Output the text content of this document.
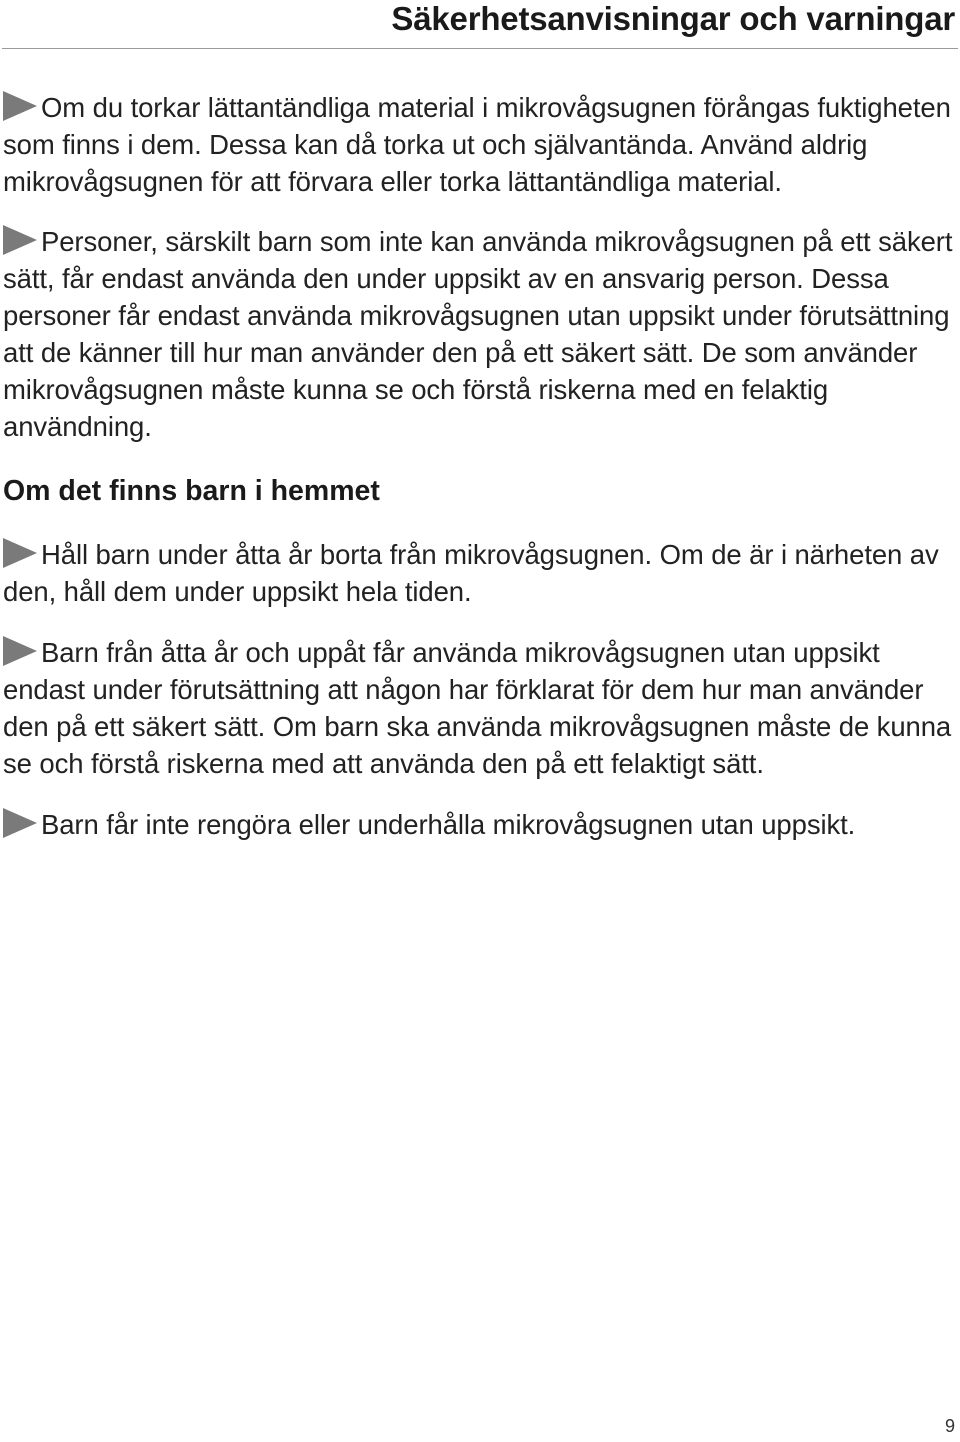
Säkerhetsanvisningar och varningar

Om du torkar lättantändliga material i mikrovågsugnen förångas fuktigheten som finns i dem. Dessa kan då torka ut och självantända. Använd aldrig mikrovågsugnen för att förvara eller torka lättantändliga material.

Personer, särskilt barn som inte kan använda mikrovågsugnen på ett säkert sätt, får endast använda den under uppsikt av en ansvarig person. Dessa personer får endast använda mikrovågsugnen utan uppsikt under förutsättning att de känner till hur man använder den på ett säkert sätt. De som använder mikrovågsugnen måste kunna se och förstå riskerna med en felaktig användning.

Om det finns barn i hemmet

Håll barn under åtta år borta från mikrovågsugnen. Om de är i närheten av den, håll dem under uppsikt hela tiden.

Barn från åtta år och uppåt får använda mikrovågsugnen utan uppsikt endast under förutsättning att någon har förklarat för dem hur man använder den på ett säkert sätt. Om barn ska använda mikrovågsugnen måste de kunna se och förstå riskerna med att använda den på ett felaktigt sätt.

Barn får inte rengöra eller underhålla mikrovågsugnen utan uppsikt.

9
